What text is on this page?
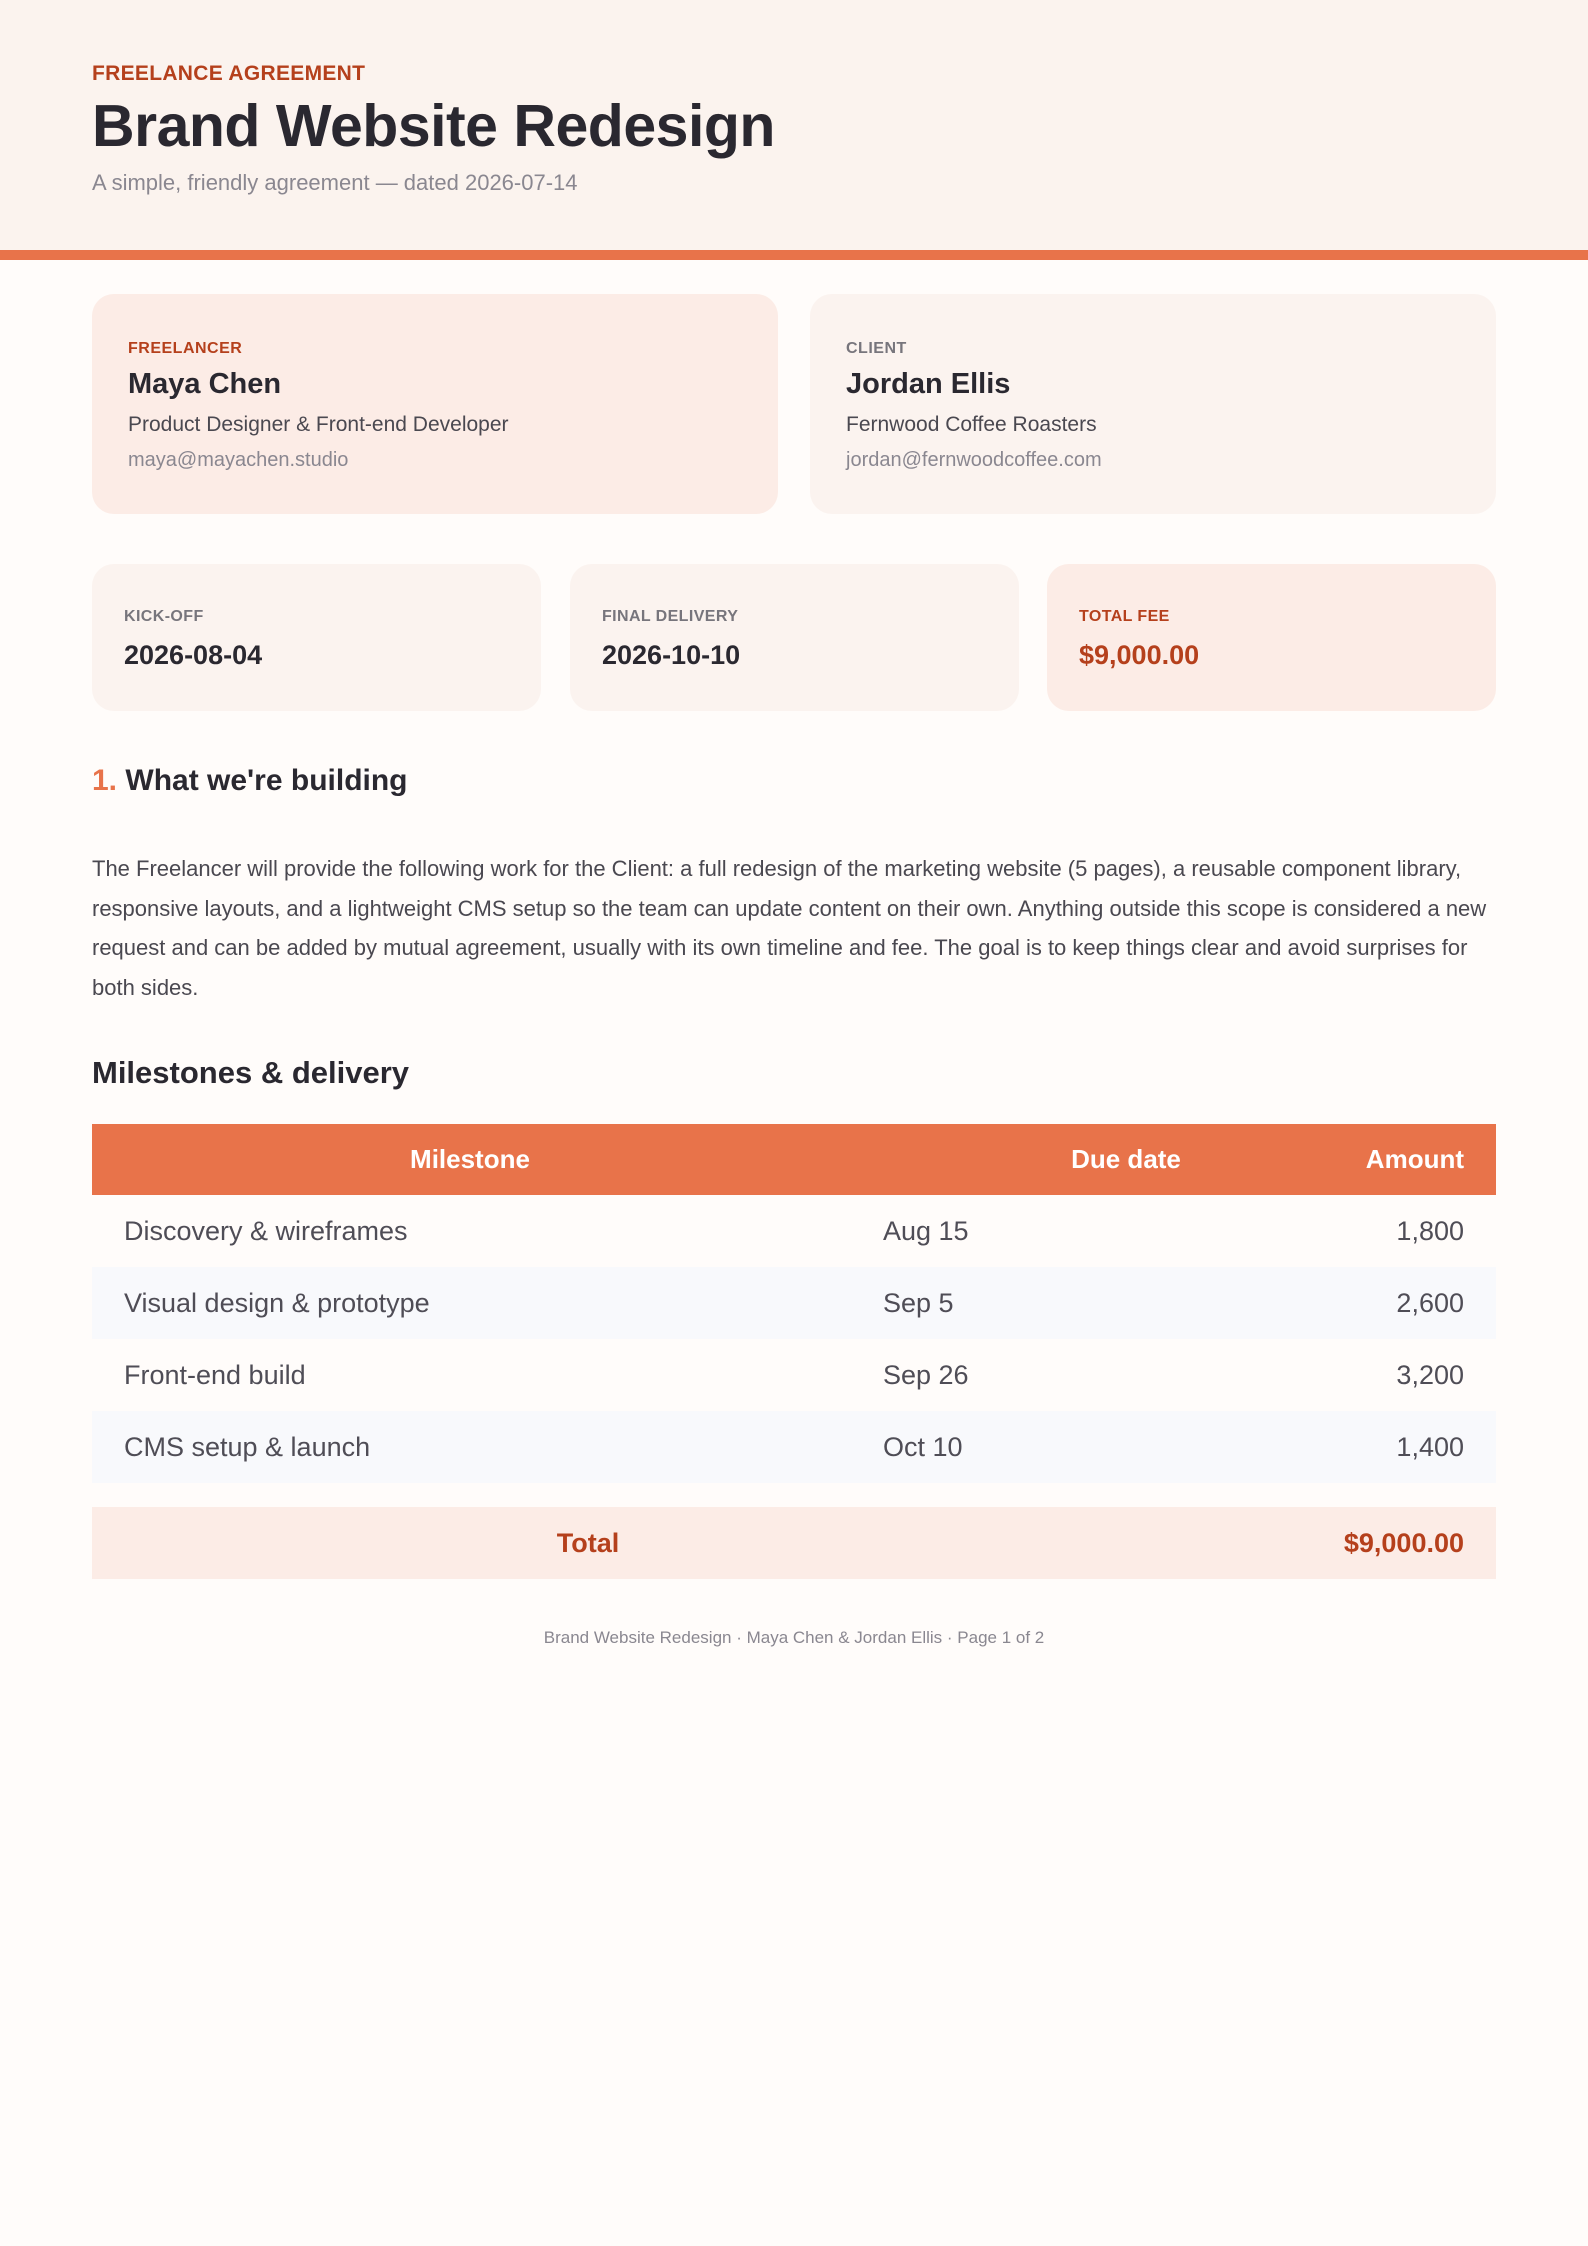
FREELANCE AGREEMENT
Brand Website Redesign
A simple, friendly agreement — dated 2026-07-14
FREELANCER
Maya Chen
Product Designer & Front-end Developer
maya@mayachen.studio
CLIENT
Jordan Ellis
Fernwood Coffee Roasters
jordan@fernwoodcoffee.com
KICK-OFF
2026-08-04
FINAL DELIVERY
2026-10-10
TOTAL FEE
$9,000.00
1. What we're building
The Freelancer will provide the following work for the Client: a full redesign of the marketing website (5 pages), a reusable component library, responsive layouts, and a lightweight CMS setup so the team can update content on their own. Anything outside this scope is considered a new request and can be added by mutual agreement, usually with its own timeline and fee. The goal is to keep things clear and avoid surprises for both sides.
Milestones & delivery
Milestone	Due date	Amount
Discovery & wireframes	Aug 15	1,800
Visual design & prototype	Sep 5	2,600
Front-end build	Sep 26	3,200
CMS setup & launch	Oct 10	1,400
Total	$9,000.00
Brand Website Redesign · Maya Chen & Jordan Ellis · Page 1 of 2
